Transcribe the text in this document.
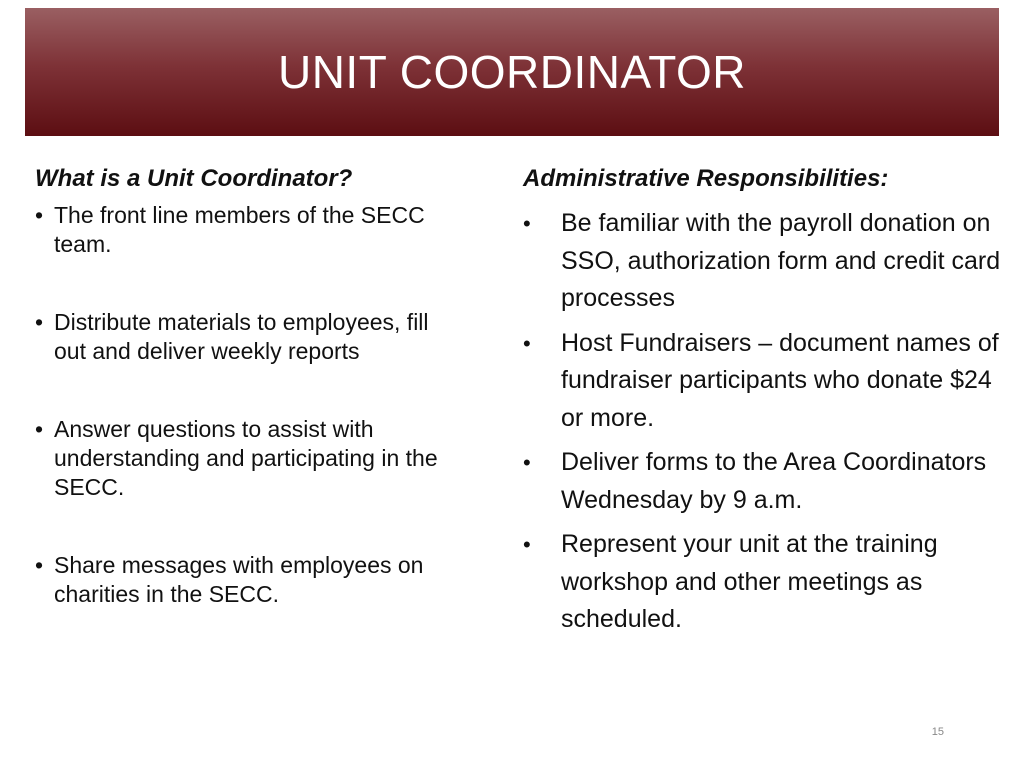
UNIT COORDINATOR
What is a Unit Coordinator?
• The front line members of the SECC team.
• Distribute materials to employees, fill out and deliver weekly reports
• Answer questions to assist with understanding and participating in the SECC.
• Share messages with employees on charities in the SECC.
Administrative Responsibilities:
• Be familiar with the payroll donation on SSO, authorization form and credit card processes
• Host Fundraisers – document names of fundraiser participants who donate $24 or more.
• Deliver forms to the Area Coordinators Wednesday by 9 a.m.
• Represent your unit at the training workshop and other meetings as scheduled.
15
